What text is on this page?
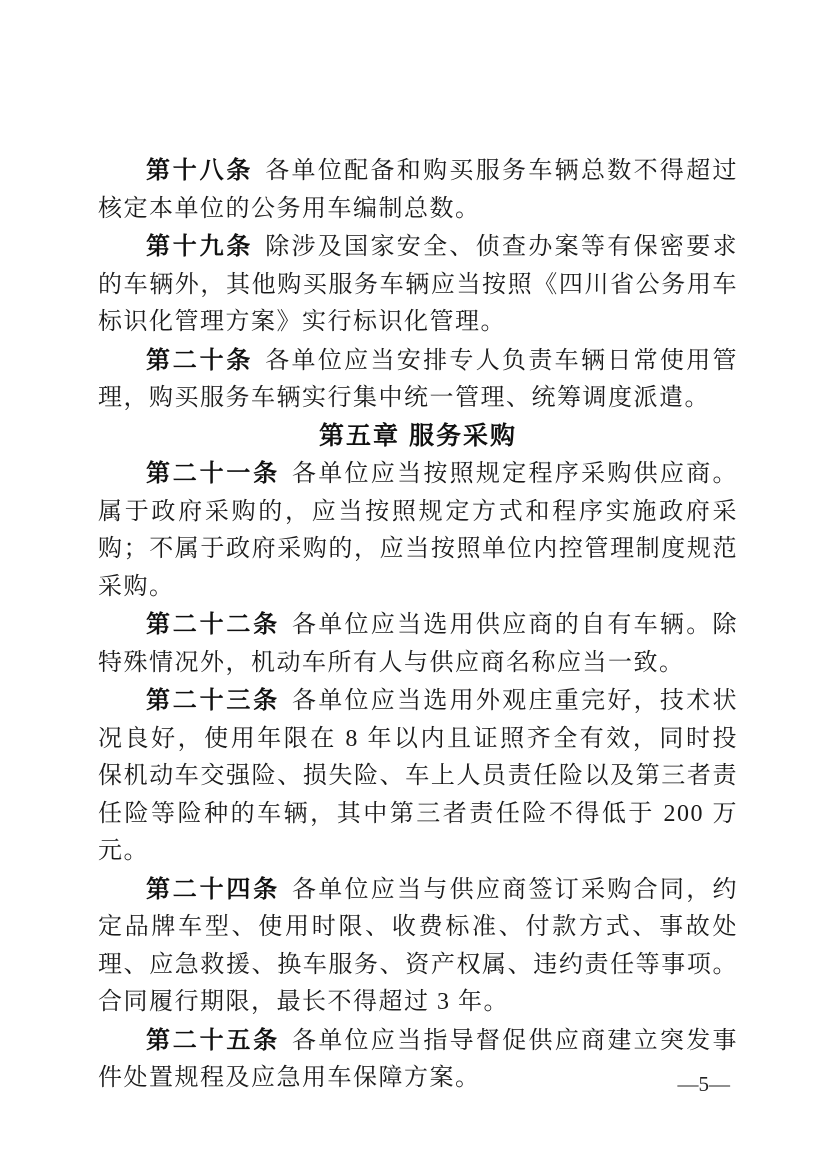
第十八条 各单位配备和购买服务车辆总数不得超过核定本单位的公务用车编制总数。

第十九条 除涉及国家安全、侦查办案等有保密要求的车辆外，其他购买服务车辆应当按照《四川省公务用车标识化管理方案》实行标识化管理。

第二十条 各单位应当安排专人负责车辆日常使用管理，购买服务车辆实行集中统一管理、统筹调度派遣。

第五章 服务采购

第二十一条 各单位应当按照规定程序采购供应商。属于政府采购的，应当按照规定方式和程序实施政府采购；不属于政府采购的，应当按照单位内控管理制度规范采购。

第二十二条 各单位应当选用供应商的自有车辆。除特殊情况外，机动车所有人与供应商名称应当一致。

第二十三条 各单位应当选用外观庄重完好，技术状况良好，使用年限在 8 年以内且证照齐全有效，同时投保机动车交强险、损失险、车上人员责任险以及第三者责任险等险种的车辆，其中第三者责任险不得低于 200 万元。

第二十四条 各单位应当与供应商签订采购合同，约定品牌车型、使用时限、收费标准、付款方式、事故处理、应急救援、换车服务、资产权属、违约责任等事项。合同履行期限，最长不得超过 3 年。

第二十五条 各单位应当指导督促供应商建立突发事件处置规程及应急用车保障方案。	—5—
